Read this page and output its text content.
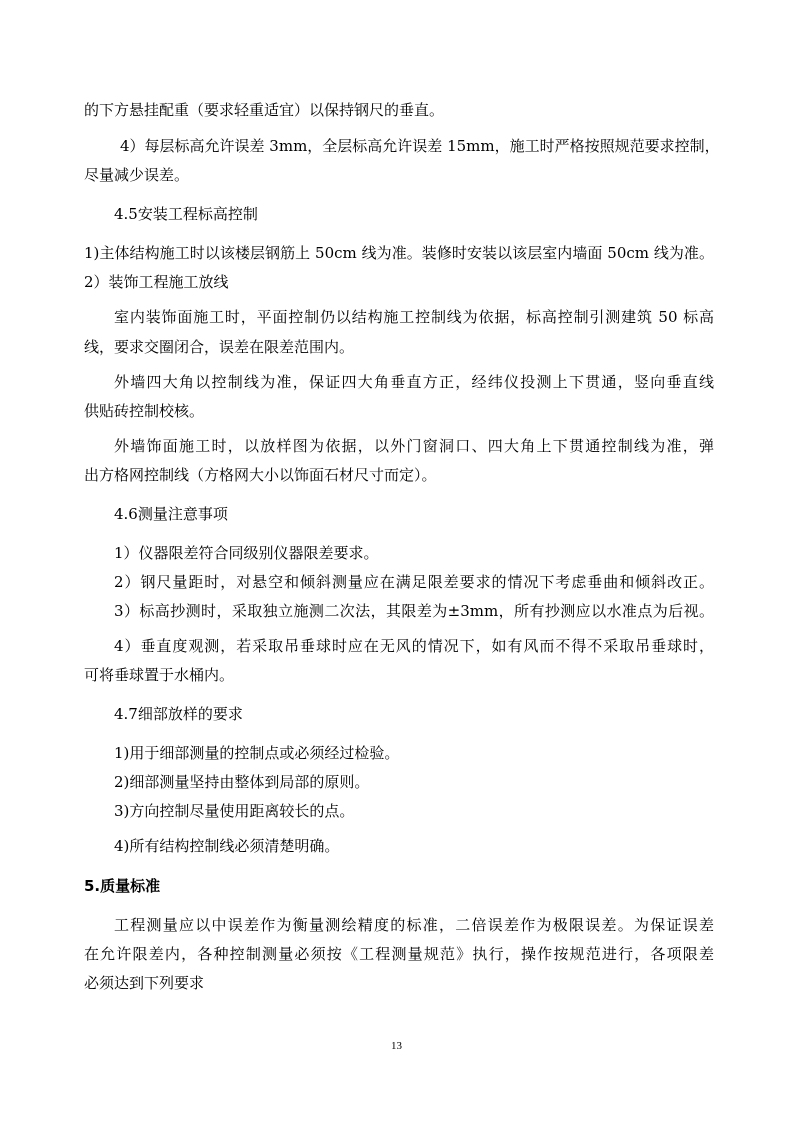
的下方悬挂配重（要求轻重适宜）以保持钢尺的垂直。
4）每层标高允许误差 3mm，全层标高允许误差 15mm，施工时严格按照规范要求控制，
尽量减少误差。
4.5安装工程标高控制
1)主体结构施工时以该楼层钢筋上 50cm 线为准。装修时安装以该层室内墙面 50cm 线为准。
2）装饰工程施工放线
室内装饰面施工时，平面控制仍以结构施工控制线为依据，标高控制引测建筑 50 标高
线，要求交圈闭合，误差在限差范围内。
外墙四大角以控制线为准，保证四大角垂直方正，经纬仪投测上下贯通，竖向垂直线
供贴砖控制校核。
外墙饰面施工时，以放样图为依据，以外门窗洞口、四大角上下贯通控制线为准，弹
出方格网控制线（方格网大小以饰面石材尺寸而定）。
4.6测量注意事项
1）仪器限差符合同级别仪器限差要求。
2）钢尺量距时，对悬空和倾斜测量应在满足限差要求的情况下考虑垂曲和倾斜改正。
3）标高抄测时，采取独立施测二次法，其限差为±3mm，所有抄测应以水准点为后视。
4）垂直度观测，若采取吊垂球时应在无风的情况下，如有风而不得不采取吊垂球时，
可将垂球置于水桶内。
4.7细部放样的要求
1)用于细部测量的控制点或必须经过检验。
2)细部测量坚持由整体到局部的原则。
3)方向控制尽量使用距离较长的点。
4)所有结构控制线必须清楚明确。
5.质量标准
工程测量应以中误差作为衡量测绘精度的标准，二倍误差作为极限误差。为保证误差
在允许限差内，各种控制测量必须按《工程测量规范》执行，操作按规范进行，各项限差
必须达到下列要求
13
